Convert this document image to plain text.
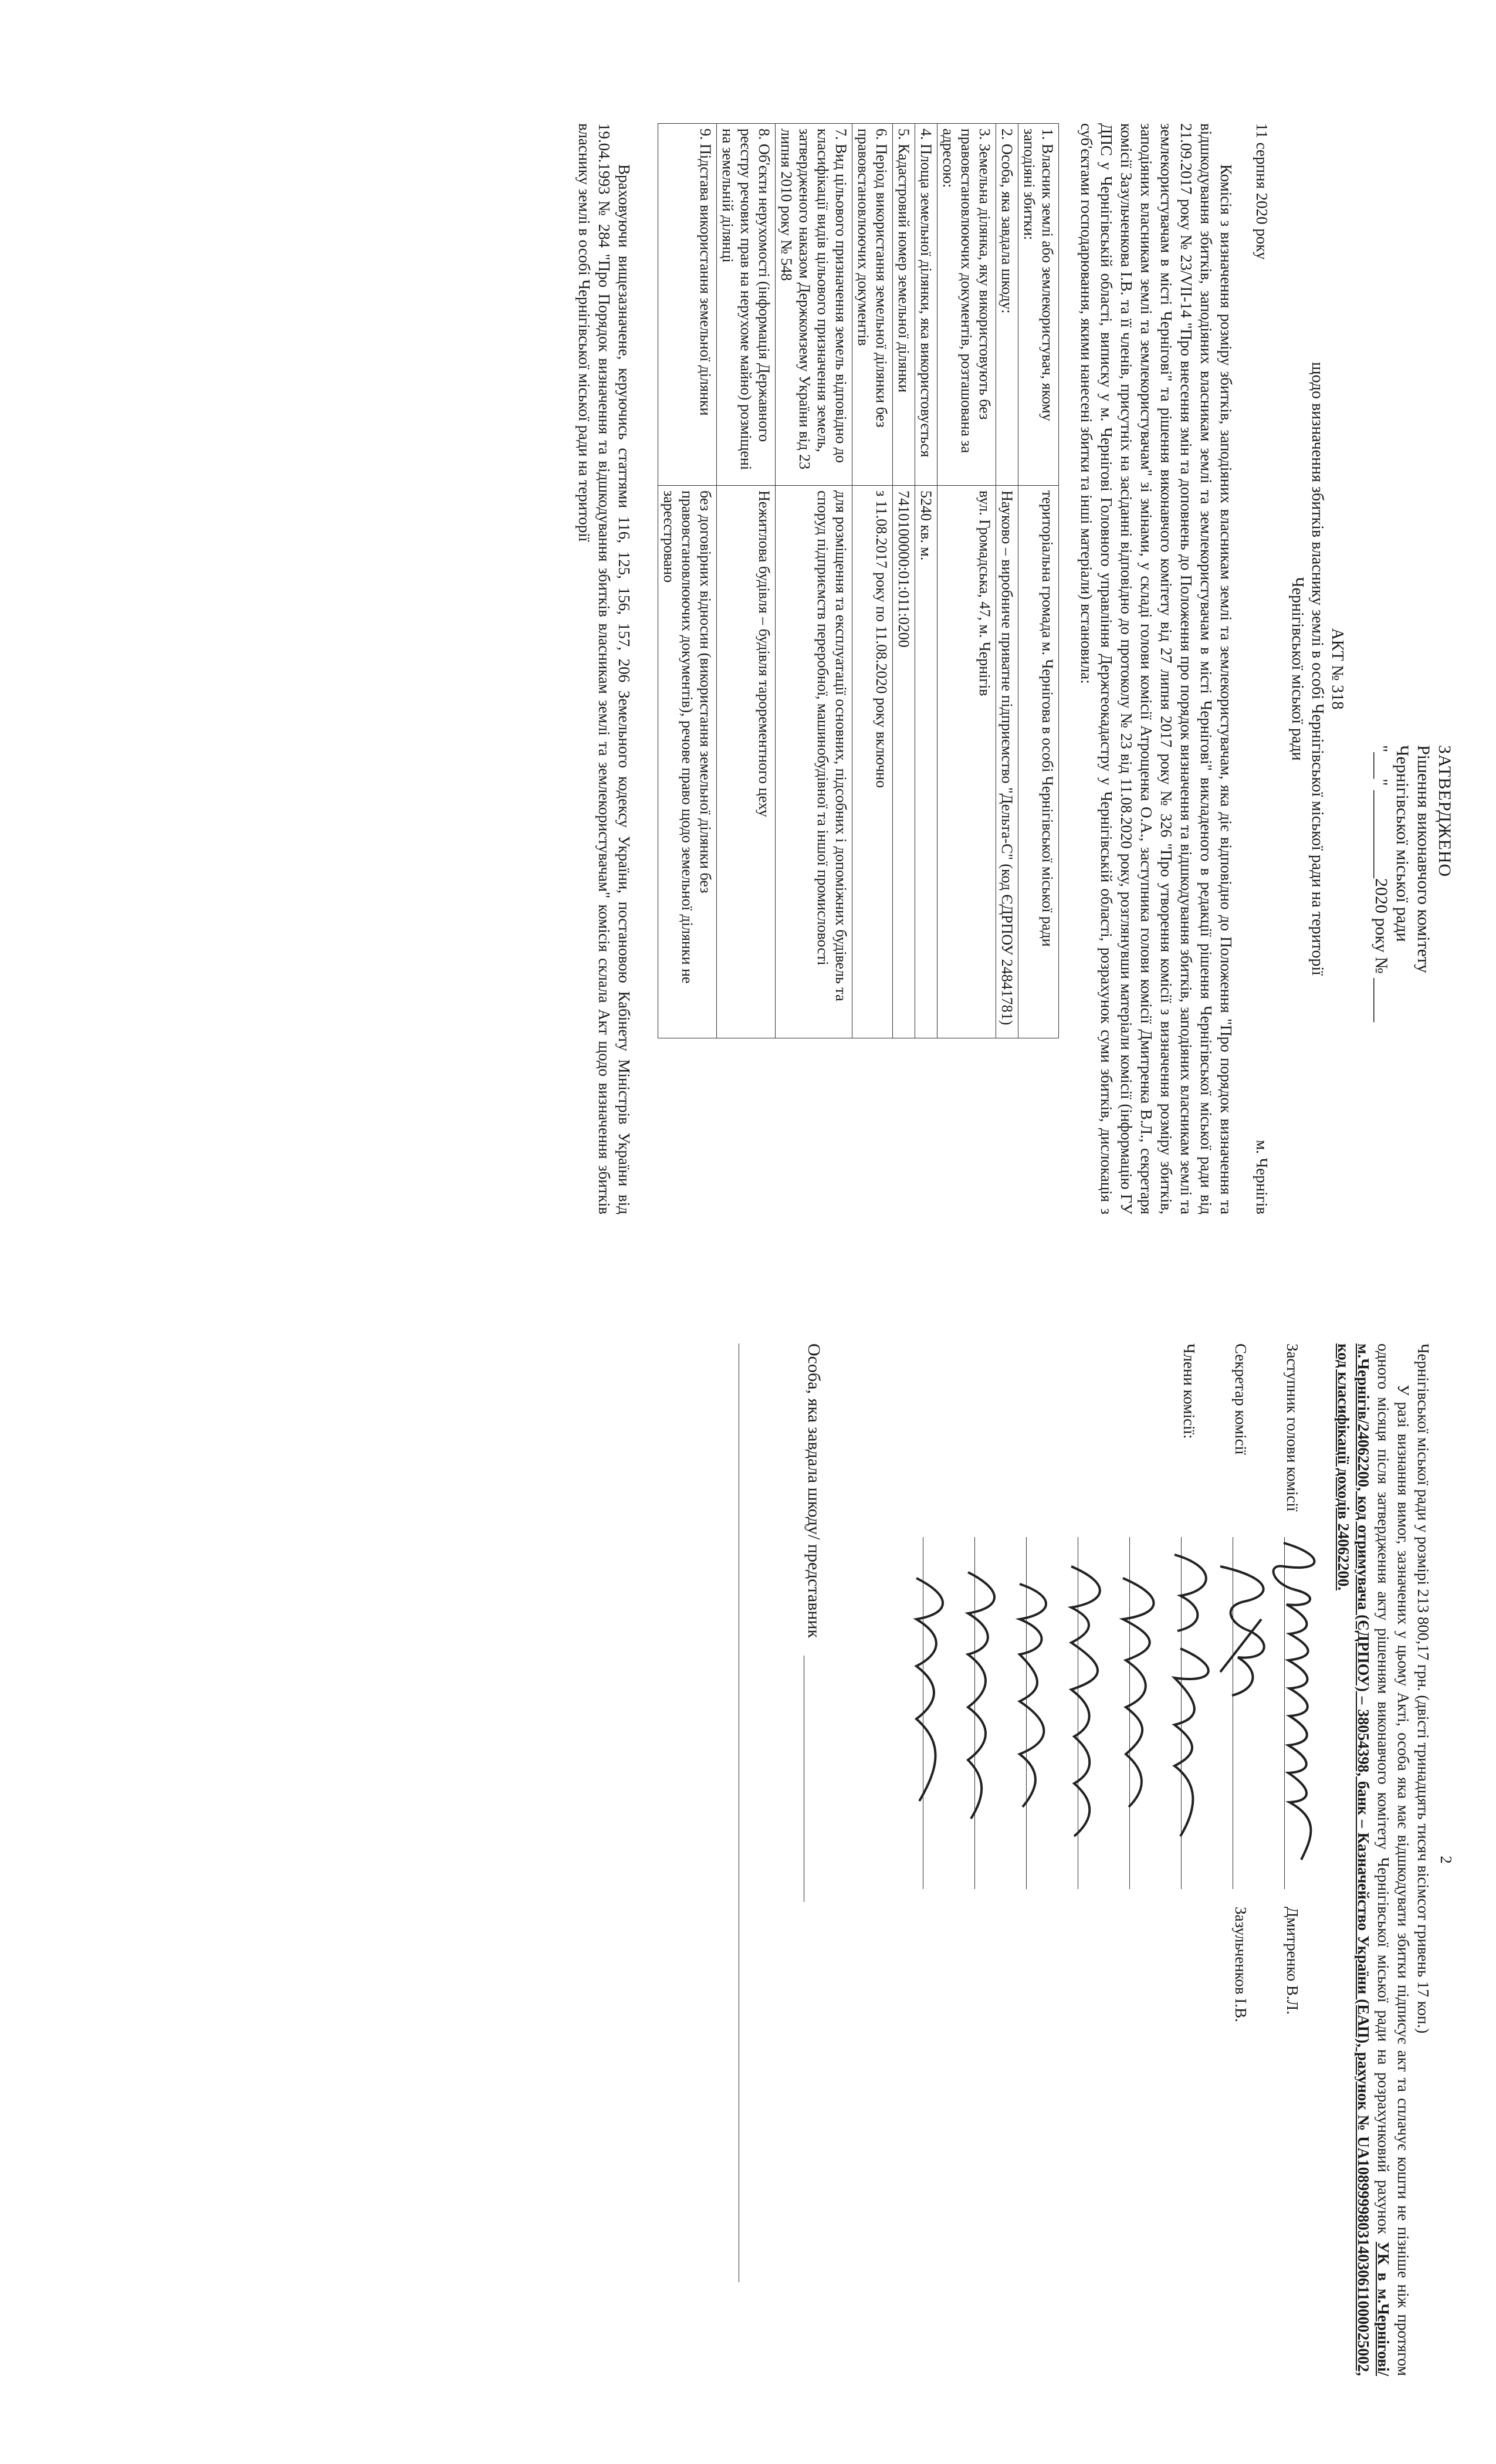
ЗАТВЕРДЖЕНО
Рішення виконавчого комітету
Чернігівської міської ради
"___" __________2020 року № _____
АКТ № 318
щодо визначення збитків власнику землі в особі Чернігівської міської ради на території
Чернігівської міської ради
11 серпня 2020 року
м. Чернігів

Комісія з визначення розміру збитків, заподіяних власникам землі та землекористувачам, яка діє відповідно до Положення "Про порядок визначення та відшкодування збитків, заподіяних власникам землі та землекористувачам в місті Чернігові" викладеного в редакції рішення Чернігівської міської ради від 21.09.2017 року № 23/VII-14 "Про внесення змін та доповнень до Положення про порядок визначення та відшкодування збитків, заподіяних власникам землі та землекористувачам в місті Чернігові" та рішення виконавчого комітету від 27 липня 2017 року № 326 "Про утворення комісії з визначення розміру збитків, заподіяних власникам землі та землекористувачам" зі змінами, у складі голови комісії Атрощенка О.А., заступника голови комісії Дмитренка В.Л., секретаря комісії Зазульченкова І.В. та її членів, присутніх на засіданні відповідно до протоколу № 23 від 11.08.2020 року, розглянувши матеріали комісії (інформацію ГУ ДПС у Чернігівській області, виписку у м. Чернігові Головного управління Держгеокадастру у Чернігівській області, розрахунок суми збитків, дислокація з суб'єктами господарювання, якими нанесені збитки та інші матеріали) встановила:

1. Власник землі або землекористувач, якому заподіяні збитки:	територіальна громада м. Чернігова в особі Чернігівської міської ради
2. Особа, яка завдала шкоду:	Науково – виробниче приватне підприємство "Дельта-С" (код ЄДРПОУ 24841781)
3. Земельна ділянка, яку використовують без правовстановлюючих документів, розташована за адресою:	вул. Громадська, 47, м. Чернігів
4. Площа земельної ділянки, яка використовується	5240 кв. м.
5. Кадастровий номер земельної ділянки	7410100000:01:011:0200
6. Період використання земельної ділянки без правовстановлюючих документів	з 11.08.2017 року по 11.08.2020 року включно
7. Вид цільового призначення земель відповідно до класифікації видів цільового призначення земель, затвердженого наказом Держкомзему України від 23 липня 2010 року № 548	для розміщення та експлуатації основних, підсобних і допоміжних будівель та споруд підприємств переробної, машинобудівної та іншої промисловості
8. Об'єкти нерухомості (інформація Державного реєстру речових прав на нерухоме майно) розміщені на земельній ділянці	Нежитлова будівля – будівля тарорементного цеху
9. Підстава використання земельної ділянки	без договірних відносин (використання земельної ділянки без правовстановлюючих документів), речове право щодо земельної ділянки не зареєстровано

Враховуючи вищезазначене, керуючись статтями 116, 125, 156, 157, 206 Земельного кодексу України, постановою Кабінету Міністрів України від 19.04.1993 № 284 "Про Порядок визначення та відшкодування збитків власникам землі та землекористувачам" комісія склала Акт щодо визначення збитків власнику землі в особі Чернігівської міської ради на території

2

Чернігівської міської ради у розмірі 213 800,17 грн. (двісті тринадцять тисяч вісімсот гривень 17 коп.)

У разі визнання вимог, зазначених у цьому Акті, особа яка має відшкодувати збитки підписує акт та сплачує кошти не пізніше ніж протягом одного місяця після затвердження акту рішенням виконавчого комітету Чернігівської міської ради на розрахунковий рахунок УК в м.Чернігові/м.Чернігів/24062200, код отримувача (ЄДРПОУ) – 38054398, банк – Казначейство України (ЕАП), рахунок № UA108999980314030611000025002, код класифікації доходів 24062200.

Заступник голови комісії
Дмитренко В.Л.
Секретар комісії
Зазульченков І.В.
Члени комісії:
Особа, яка завдала шкоду/ представник
